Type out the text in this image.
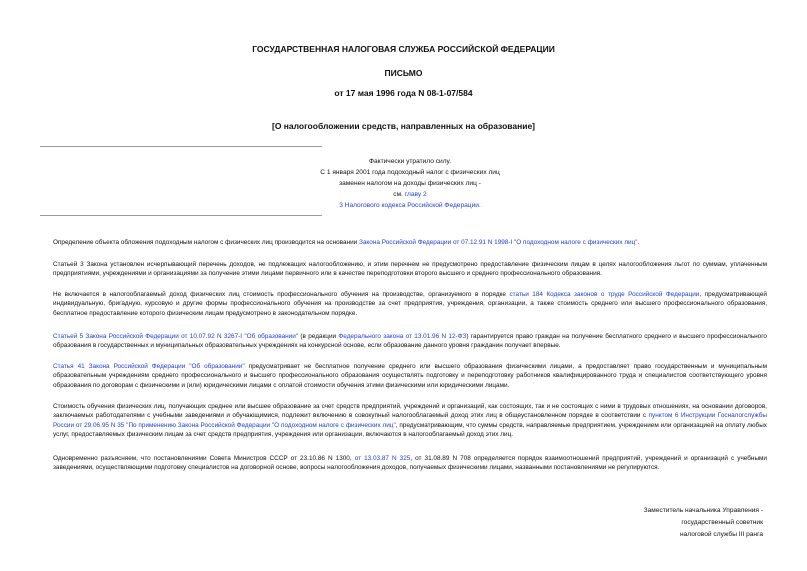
ГОСУДАРСТВЕННАЯ НАЛОГОВАЯ СЛУЖБА РОССИЙСКОЙ ФЕДЕРАЦИИ
ПИСЬМО
от 17 мая 1996 года N 08-1-07/584
[О налогообложении средств, направленных на образование]
Фактически утратило силу.
С 1 января 2001 года подоходный налог с физических лиц
заменен налогом на доходы физических лиц -
см. главу 2
3 Налогового кодекса Российской Федерации.
Определение объекта обложения подоходным налогом с физических лиц производится на основании Закона Российской Федерации от 07.12.91 N 1998-I "О подоходном налоге с физических лиц".
Статьей 3 Закона установлен исчерпывающий перечень доходов, не подлежащих налогообложению, и этим перечнем не предусмотрено предоставление физическим лицам в целях налогообложения льгот по суммам, уплаченным предприятиями, учреждениями и организациями за получение этими лицами первичного или в качестве переподготовки второго высшего и среднего профессионального образования.
Не включается в налогооблагаемый доход физических лиц стоимость профессионального обучения на производстве, организуемого в порядке статьи 184 Кодекса законов о труде Российской Федерации, предусматривающей индивидуальную, бригадную, курсовую и другие формы профессионального обучения на производстве за счет предприятия, учреждения, организации, а также стоимость среднего или высшего профессионального образования, бесплатное предоставление которого физическим лицам предусмотрено в законодательном порядке.
Статьей 5 Закона Российской Федерации от 10.07.92 N 3267-I "Об образовании" (в редакции Федерального закона от 13.01.96 N 12-ФЗ) гарантируется право граждан на получение бесплатного среднего и высшего профессионального образования в государственных и муниципальных образовательных учреждениях на конкурсной основе, если образование данного уровня гражданин получает впервые.
Статья 41 Закона Российской Федерации "Об образовании" предусматривает не бесплатное получение среднего или высшего образования физическими лицами, а предоставляет право государственным и муниципальным образовательным учреждениям среднего профессионального и высшего профессионального образования осуществлять подготовку и переподготовку работников квалифицированного труда и специалистов соответствующего уровня образования по договорам с физическими и (или) юридическими лицами с оплатой стоимости обучения этими физическими или юридическими лицами.
Стоимость обучения физических лиц, получающих среднее или высшее образование за счет средств предприятий, учреждений и организаций, как состоящих, так и не состоящих с ними в трудовых отношениях, на основании договоров, заключаемых работодателями с учебными заведениями и обучающимися, подлежит включению в совокупный налогооблагаемый доход этих лиц в общеустановленном порядке в соответствии с пунктом 6 Инструкции Госналогслужбы России от 29.06.95 N 35 "По применению Закона Российской Федерации "О подоходном налоге с физических лиц", предусматривающим, что суммы средств, направляемые предприятием, учреждением или организацией на оплату любых услуг, предоставляемых физическим лицам за счет средств предприятия, учреждения или организации, включаются в налогооблагаемый доход этих лиц.
Одновременно разъясняем, что постановлениями Совета Министров СССР от 23.10.86 N 1300, от 13.03.87 N 325, от 31.08.89 N 708 определяется порядок взаимоотношений предприятий, учреждений и организаций с учебными заведениями, осуществляющими подготовку специалистов на договорной основе, вопросы налогообложения доходов, получаемых физическими лицами, названными постановлениями не регулируются.
Заместитель начальника Управления -
государственный советник
налоговой службы III ранга
